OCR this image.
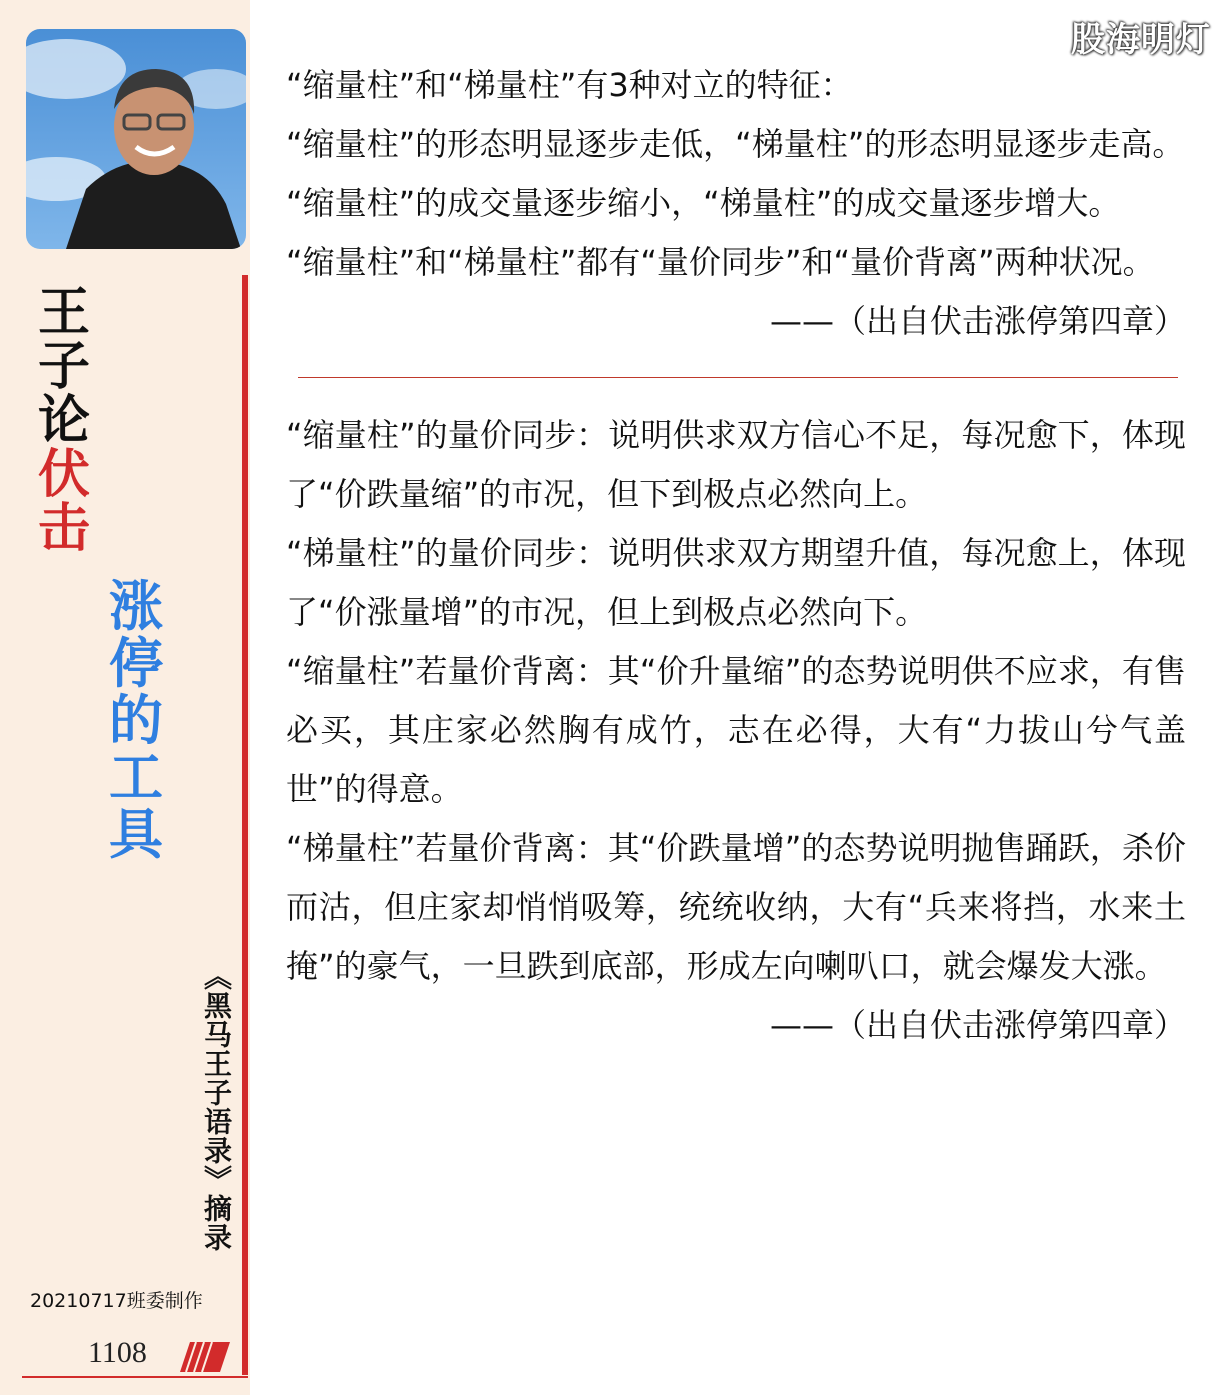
王子论
伏击
涨停的工具
《黑马王子语录》摘录
20210717班委制作
1108
股海明灯

“缩量柱”和“梯量柱”有3种对立的特征：

“缩量柱”的形态明显逐步走低，“梯量柱”的形态明显逐步走高。

“缩量柱”的成交量逐步缩小，“梯量柱”的成交量逐步增大。

“缩量柱”和“梯量柱”都有“量价同步”和“量价背离”两种状况。

——（出自伏击涨停第四章）

“缩量柱”的量价同步：说明供求双方信心不足，每况愈下，体现了“价跌量缩”的市况，但下到极点必然向上。

“梯量柱”的量价同步：说明供求双方期望升值，每况愈上，体现了“价涨量增”的市况，但上到极点必然向下。

“缩量柱”若量价背离：其“价升量缩”的态势说明供不应求，有售必买，其庄家必然胸有成竹，志在必得，大有“力拔山兮气盖世”的得意。

“梯量柱”若量价背离：其“价跌量增”的态势说明抛售踊跃，杀价而沽，但庄家却悄悄吸筹，统统收纳，大有“兵来将挡，水来土掩”的豪气，一旦跌到底部，形成左向喇叭口，就会爆发大涨。

——（出自伏击涨停第四章）
